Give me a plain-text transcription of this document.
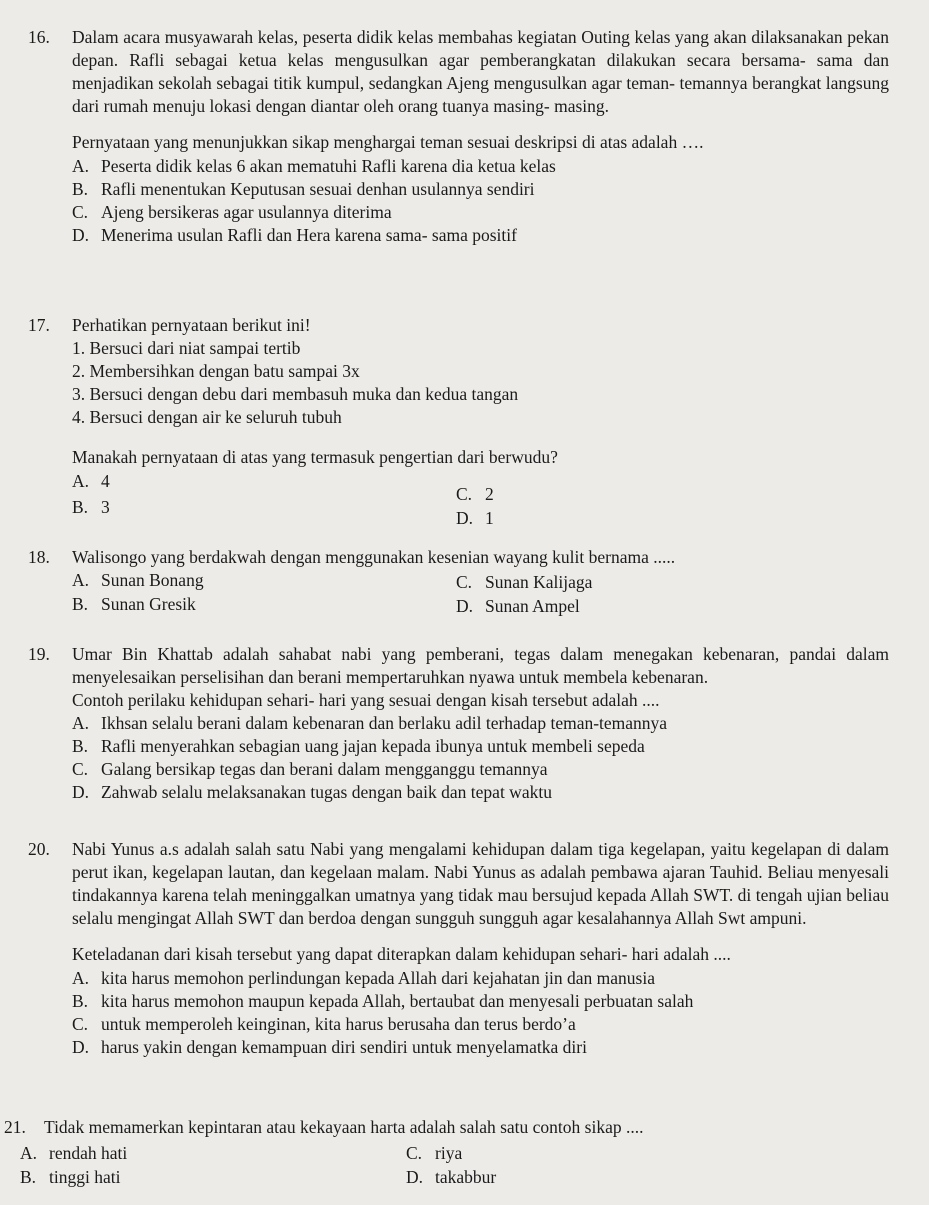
16. Dalam acara musyawarah kelas, peserta didik kelas membahas kegiatan Outing kelas yang akan dilaksanakan pekan depan. Rafli sebagai ketua kelas mengusulkan agar pemberangkatan dilakukan secara bersama- sama dan menjadikan sekolah sebagai titik kumpul, sedangkan Ajeng mengusulkan agar teman- temannya berangkat langsung dari rumah menuju lokasi dengan diantar oleh orang tuanya masing- masing.
Pernyataan yang menunjukkan sikap menghargai teman sesuai deskripsi di atas adalah ….
A. Peserta didik kelas 6 akan mematuhi Rafli karena dia ketua kelas
B. Rafli menentukan Keputusan sesuai denhan usulannya sendiri
C. Ajeng bersikeras agar usulannya diterima
D. Menerima usulan Rafli dan Hera karena sama- sama positif
17. Perhatikan pernyataan berikut ini!
1. Bersuci dari niat sampai tertib
2. Membersihkan dengan batu sampai 3x
3. Bersuci dengan debu dari membasuh muka dan kedua tangan
4. Bersuci dengan air ke seluruh tubuh
Manakah pernyataan di atas yang termasuk pengertian dari berwudu?
A. 4
B. 3
C. 2
D. 1
18. Walisongo yang berdakwah dengan menggunakan kesenian wayang kulit bernama .....
A. Sunan Bonang
B. Sunan Gresik
C. Sunan Kalijaga
D. Sunan Ampel
19. Umar Bin Khattab adalah sahabat nabi yang pemberani, tegas dalam menegakan kebenaran, pandai dalam menyelesaikan perselisihan dan berani mempertaruhkan nyawa untuk membela kebenaran.
Contoh perilaku kehidupan sehari- hari yang sesuai dengan kisah tersebut adalah ....
A. Ikhsan selalu berani dalam kebenaran dan berlaku adil terhadap teman-temannya
B. Rafli menyerahkan sebagian uang jajan kepada ibunya untuk membeli sepeda
C. Galang bersikap tegas dan berani dalam mengganggu temannya
D. Zahwab selalu melaksanakan tugas dengan baik dan tepat waktu
20. Nabi Yunus a.s adalah salah satu Nabi yang mengalami kehidupan dalam tiga kegelapan, yaitu kegelapan di dalam perut ikan, kegelapan lautan, dan kegelaan malam. Nabi Yunus as adalah pembawa ajaran Tauhid. Beliau menyesali tindakannya karena telah meninggalkan umatnya yang tidak mau bersujud kepada Allah SWT. di tengah ujian beliau selalu mengingat Allah SWT dan berdoa dengan sungguh sungguh agar kesalahannya Allah Swt ampuni.
Keteladanan dari kisah tersebut yang dapat diterapkan dalam kehidupan sehari- hari adalah ....
A. kita harus memohon perlindungan kepada Allah dari kejahatan jin dan manusia
B. kita harus memohon maupun kepada Allah, bertaubat dan menyesali perbuatan salah
C. untuk memperoleh keinginan, kita harus berusaha dan terus berdo’a
D. harus yakin dengan kemampuan diri sendiri untuk menyelamatka diri
21. Tidak memamerkan kepintaran atau kekayaan harta adalah salah satu contoh sikap ....
A. rendah hati
B. tinggi hati
C. riya
D. takabbur
